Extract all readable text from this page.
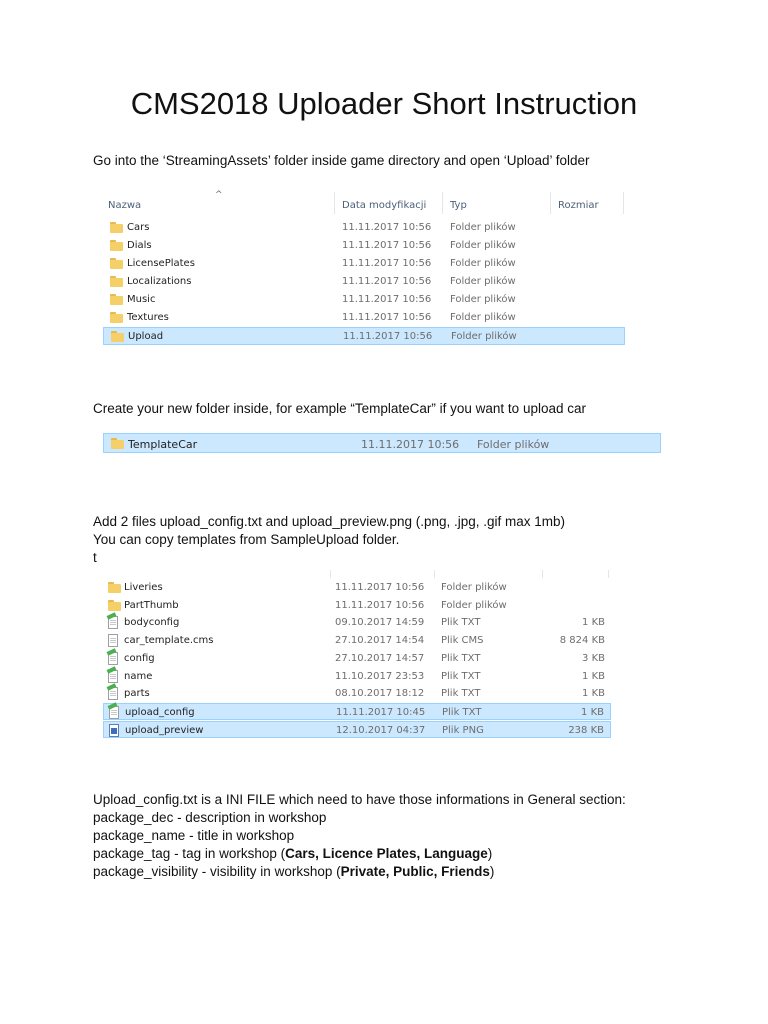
CMS2018 Uploader Short Instruction
Go into the ‘StreamingAssets’ folder inside game directory and open ‘Upload’ folder
^
Nazwa	Data modyfikacji Typ	Rozmiar
Cars	11.11.2017 10:56 Folder plików
Dials	11.11.2017 10:56 Folder plików
LicensePlates	11.11.2017 10:56 Folder plików
Localizations	11.11.2017 10:56 Folder plików
Music	11.11.2017 10:56 Folder plików
Textures	11.11.2017 10:56 Folder plików
Upload	11.11.2017 10:56 Folder plików
Create your new folder inside, for example “TemplateCar” if you want to upload car
TemplateCar	11.11.2017 10:56 Folder plików
Add 2 files upload_config.txt and upload_preview.png (.png, .jpg, .gif max 1mb)
You can copy templates from SampleUpload folder.
t
Liveries	11.11.2017 10:56 Folder plików
PartThumb	11.11.2017 10:56 Folder plików
bodyconfig	09.10.2017 14:59 Plik TXT	1 KB
car_template.cms	27.10.2017 14:54 Plik CMS	8 824 KB
config	27.10.2017 14:57 Plik TXT	3 KB
name	11.10.2017 23:53 Plik TXT	1 KB
parts	08.10.2017 18:12 Plik TXT	1 KB
upload_config	11.11.2017 10:45 Plik TXT	1 KB
upload_preview	12.10.2017 04:37 Plik PNG	238 KB
Upload_config.txt is a INI FILE which need to have those informations in General section:
package_dec - description in workshop
package_name - title in workshop
package_tag - tag in workshop (Cars, Licence Plates, Language)
package_visibility - visibility in workshop (Private, Public, Friends)
